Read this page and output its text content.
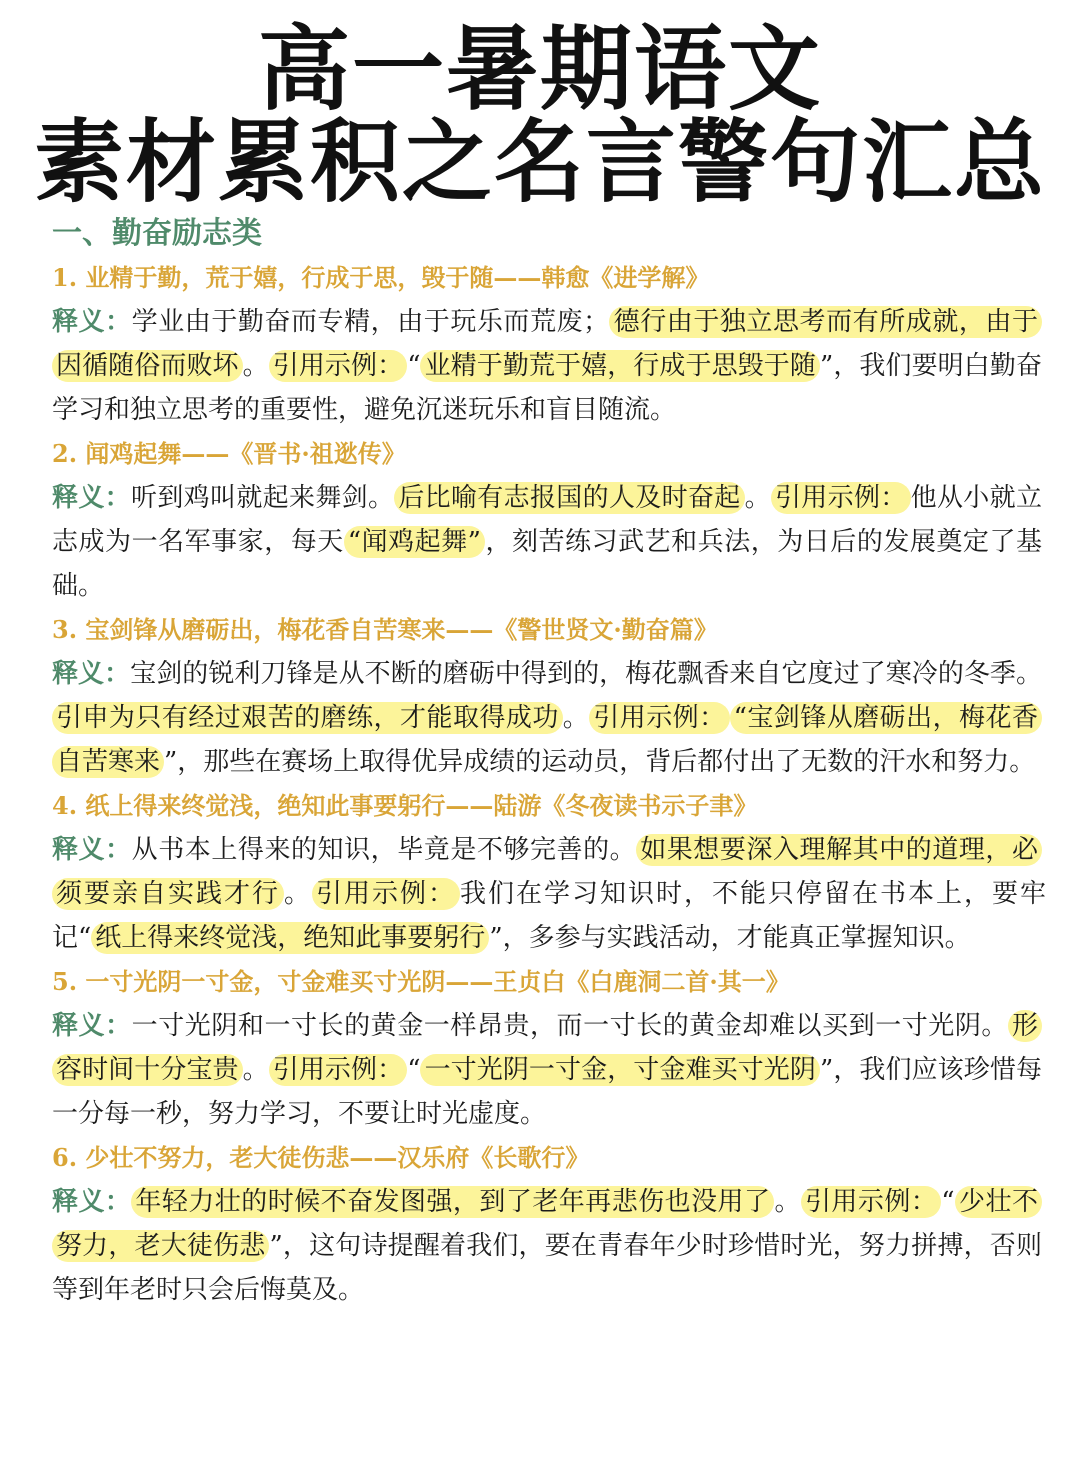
高一暑期语文
素材累积之名言警句汇总
一、勤奋励志类
1. 业精于勤，荒于嬉，行成于思，毁于随——韩愈《进学解》
释义：学业由于勤奋而专精，由于玩乐而荒废； 德行由于独立思考而有所成就，由于因循随俗而败坏 。 引用示例： “ 业精于勤荒于嬉，行成于思毁于随 ”，我们要明白勤奋学习和独立思考的重要性，避免沉迷玩乐和盲目随流。
2. 闻鸡起舞——《晋书·祖逖传》
释义：听到鸡叫就起来舞剑。 后比喻有志报国的人及时奋起 。 引用示例： 他从小就立志成为一名军事家，每天 “闻鸡起舞” ，刻苦练习武艺和兵法，为日后的发展奠定了基础。
3. 宝剑锋从磨砺出，梅花香自苦寒来——《警世贤文·勤奋篇》
释义：宝剑的锐利刀锋是从不断的磨砺中得到的，梅花飘香来自它度过了寒冷的冬季。引申为只有经过艰苦的磨练，才能取得成功 。 引用示例： “宝剑锋从磨砺出，梅花香自苦寒来 ”，那些在赛场上取得优异成绩的运动员，背后都付出了无数的汗水和努力。
4. 纸上得来终觉浅，绝知此事要躬行——陆游《冬夜读书示子聿》
释义：从书本上得来的知识，毕竟是不够完善的。 如果想要深入理解其中的道理，必须要亲自实践才行 。 引用示例： 我们在学习知识时，不能只停留在书本上，要牢记“ 纸上得来终觉浅，绝知此事要躬行 ”，多参与实践活动，才能真正掌握知识。
5. 一寸光阴一寸金，寸金难买寸光阴——王贞白《白鹿洞二首·其一》
释义：一寸光阴和一寸长的黄金一样昂贵，而一寸长的黄金却难以买到一寸光阴。 形容时间十分宝贵 。 引用示例： “ 一寸光阴一寸金，寸金难买寸光阴 ”，我们应该珍惜每一分每一秒，努力学习，不要让时光虚度。
6. 少壮不努力，老大徒伤悲——汉乐府《长歌行》
释义： 年轻力壮的时候不奋发图强，到了老年再悲伤也没用了 。 引用示例： “ 少壮不努力，老大徒伤悲 ”，这句诗提醒着我们，要在青春年少时珍惜时光，努力拼搏，否则等到年老时只会后悔莫及。
